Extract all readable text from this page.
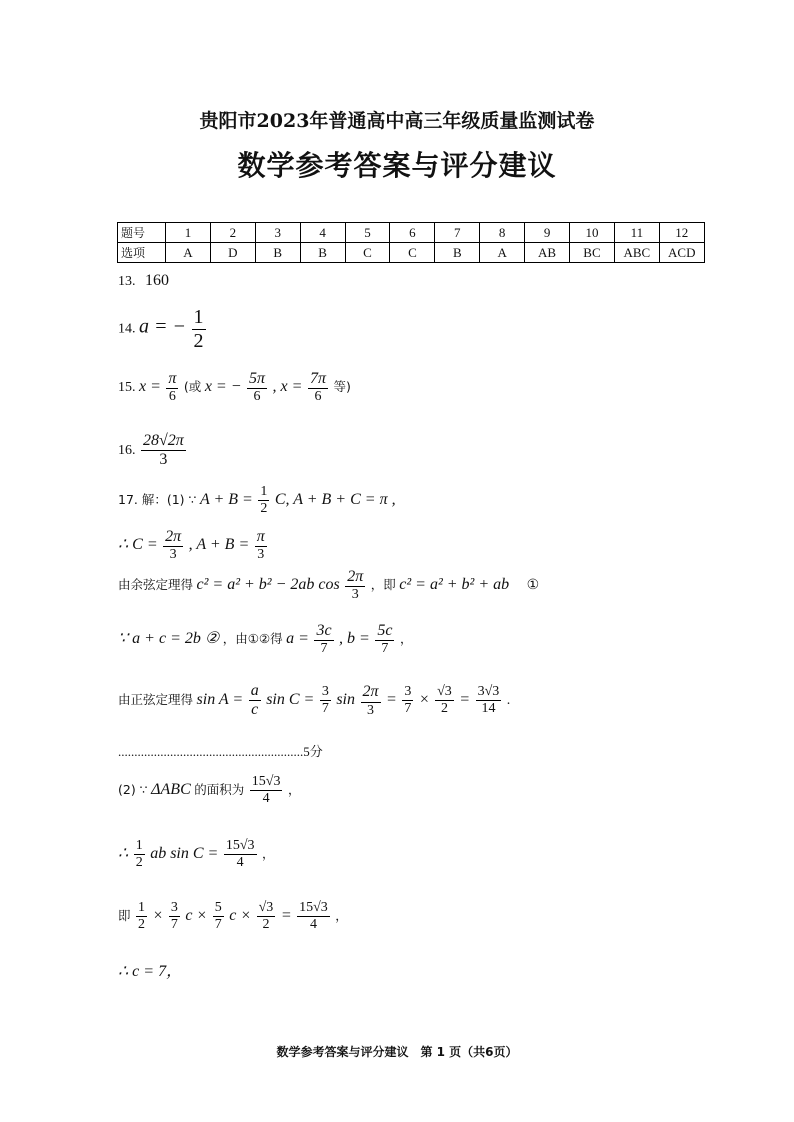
贵阳市2023年普通高中高三年级质量监测试卷
数学参考答案与评分建议
题号	1	2	3	4	5	6	7	8	9	10	11	12
选项	A	D	B	B	C	C	B	A	AB	BC	ABC	ACD
13. 160
14. a = − $\frac{1}{2}$
15. $x = \frac{\pi}{6}$ (或 x = − $\frac{5\pi}{6}$ , $x = \frac{7\pi}{6}$ 等)
16. $\frac{28√2\pi}{3}$
17. 解：(1) ∵ $A + B = \frac{1}{2} C$, A + B + C = π ,
∴ $C = \frac{2\pi}{3}$ , $A + B = \frac{\pi}{3}$
由余弦定理得 c² = a² + b² − 2ab $\cos \frac{2\pi}{3}$ ，即 c² = a² + b² + ab ①
∵ a + c = 2b ② ，由①②得 $a = \frac{3c}{7}$ , $b = \frac{5c}{7}$ ，
由正弦定理得 $\sin A = \frac{a}{c}$ $\sin C = \frac{3}{7}$ $\sin \frac{2\pi}{3} = \frac{3}{7} \times \frac{√3}{2} = \frac{3√3}{14}$ .
.........................................................5分
(2) ∵ ΔABC 的面积为 $\frac{15√3}{4}$ ，
∴ $\frac{1}{2}$ ab $\sin C = \frac{15√3}{4}$ ，
即 $\frac{1}{2} \times \frac{3}{7}$ $c \times \frac{5}{7}$ $c \times \frac{√3}{2} = \frac{15√3}{4}$ ，
∴ c = 7，
数学参考答案与评分建议　第 1 页（共6页）
